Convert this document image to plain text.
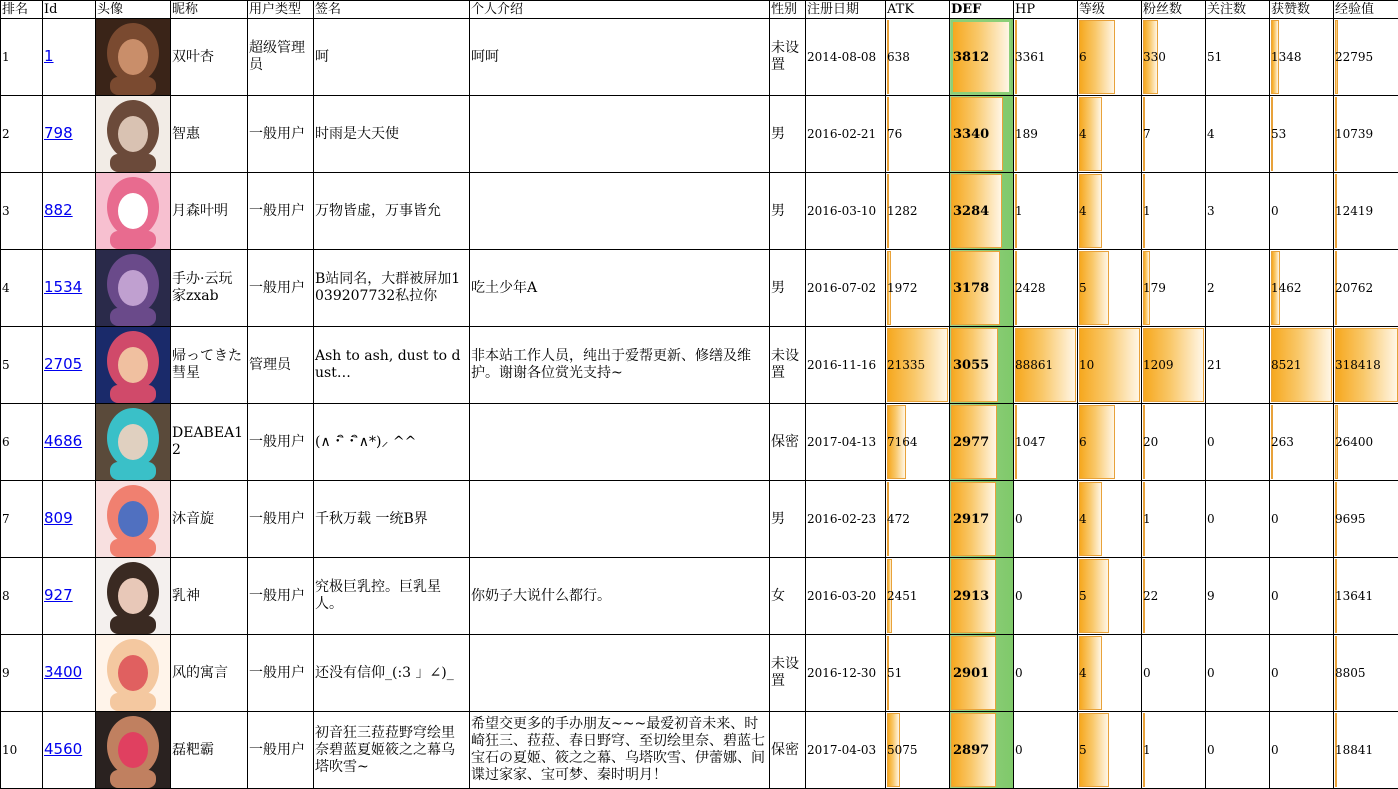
排名	Id	头像	昵称	用户类型	签名	个人介绍	性别	注册日期	ATK	DEF	HP	等级	粉丝数	关注数	获赞数	经验值
1	1		双叶杏	超级管理员	呵	呵呵	未设置	2014-08-08	638	3812	3361	6	330	51	1348	22795
2	798		智惠	一般用户	时雨是大天使		男	2016-02-21	76	3340	189	4	7	4	53	10739
3	882		月森叶明	一般用户	万物皆虚，万事皆允		男	2016-03-10	1282	3284	1	4	1	3	0	12419
4	1534		手办·云玩家zxab	一般用户	B站同名，大群被屏加1039207732私拉你	吃土少年A	男	2016-07-02	1972	3178	2428	5	179	2	1462	20762
5	2705		帰ってきた彗星	管理员	Ash to ash, dust to dust…	非本站工作人员，纯出于爱帮更新、修缮及维护。谢谢各位赏光支持~	未设置	2016-11-16	21335	3055	88861	10	1209	21	8521	318418
6	4686		DEABEA12	一般用户	(∧・ิ・ิ∧*)⸝ ^^		保密	2017-04-13	7164	2977	1047	6	20	0	263	26400
7	809		沐音旋	一般用户	千秋万载 一统B界		男	2016-02-23	472	2917	0	4	1	0	0	9695
8	927		乳神	一般用户	究极巨乳控。巨乳星人。	你奶子大说什么都行。	女	2016-03-20	2451	2913	0	5	22	9	0	13641
9	3400		风的寓言	一般用户	还没有信仰_(:3 」∠)_		未设置	2016-12-30	51	2901	0	4	0	0	0	8805
10	4560		磊粑霸	一般用户	初音狂三菈菈野穹绘里奈碧蓝夏姬筱之之幕乌塔吹雪~	希望交更多的手办朋友~~~最爱初音未来、时崎狂三、菈菈、春日野穹、至切绘里奈、碧蓝七宝石の夏姬、筱之之幕、乌塔吹雪、伊蕾娜、间谍过家家、宝可梦、秦时明月！	保密	2017-04-03	5075	2897	0	5	1	0	0	18841
